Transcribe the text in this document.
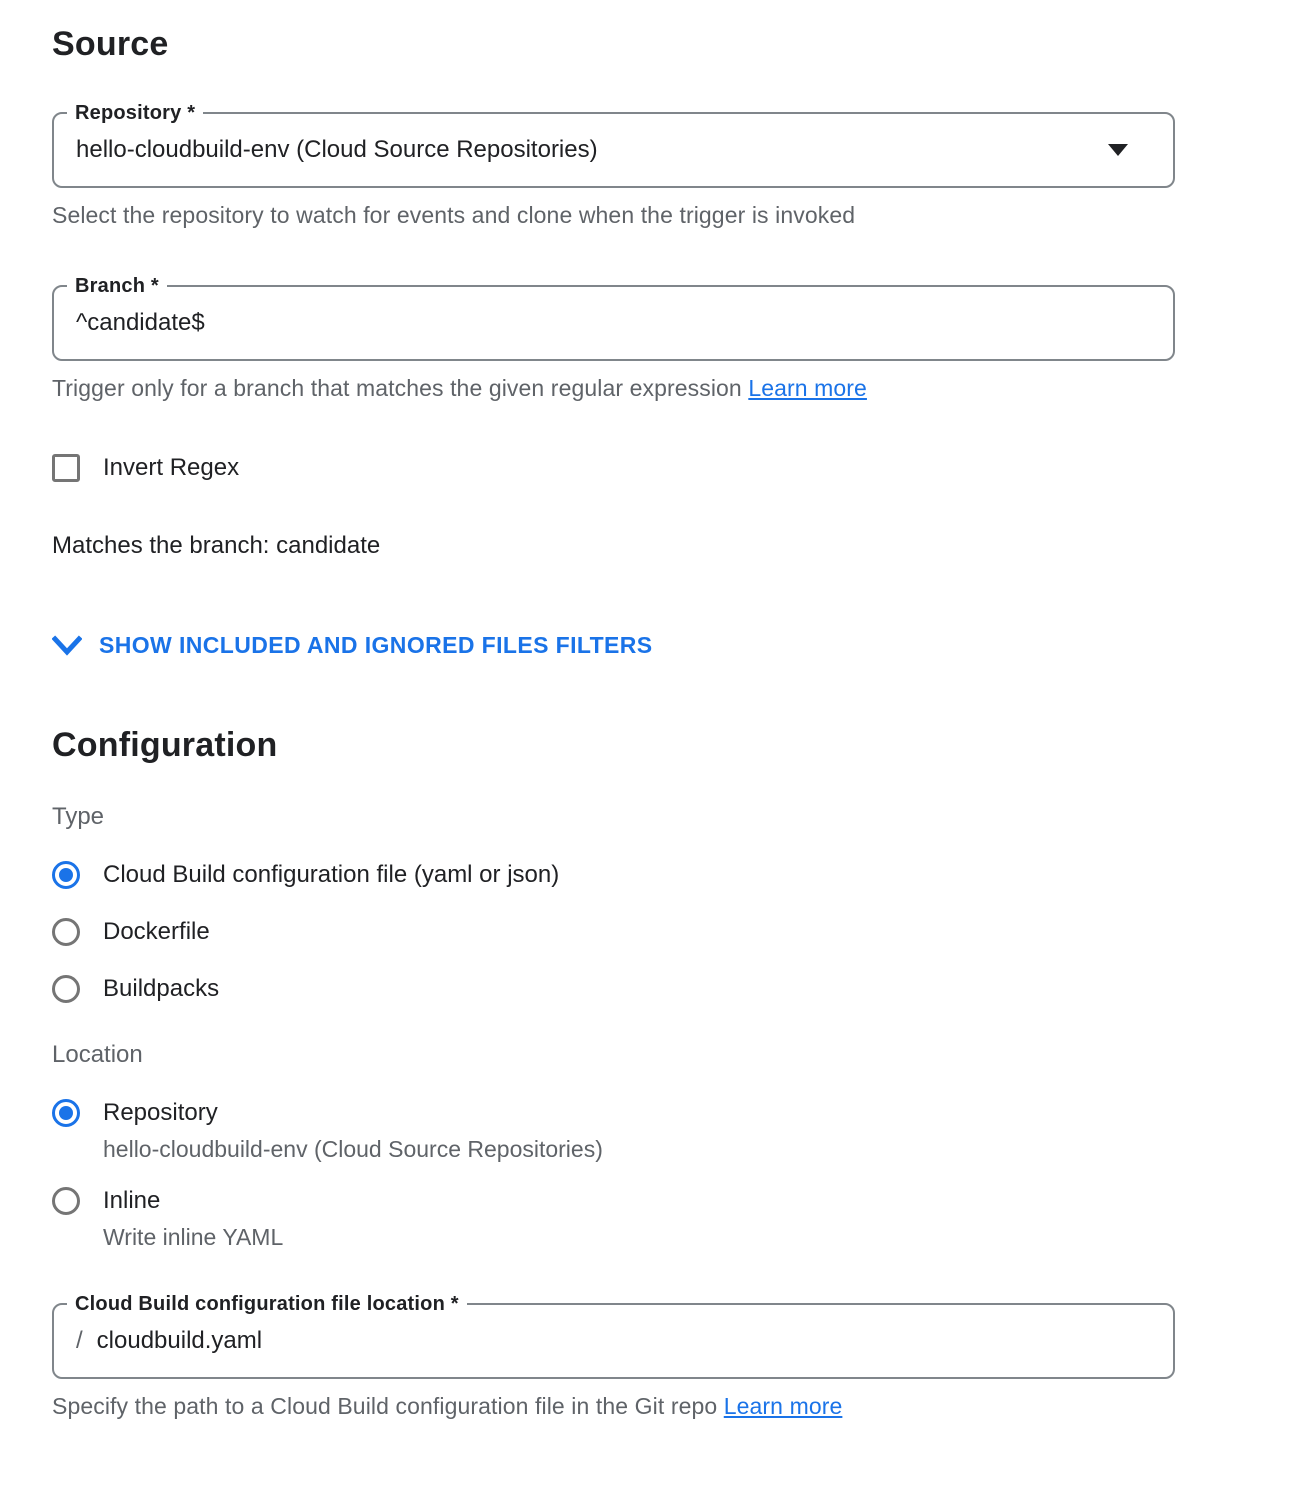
Source
Repository *
hello-cloudbuild-env (Cloud Source Repositories)

Select the repository to watch for events and clone when the trigger is invoked

Branch *
^candidate$

Trigger only for a branch that matches the given regular expression Learn more

Invert Regex

Matches the branch: candidate

SHOW INCLUDED AND IGNORED FILES FILTERS
Configuration

Type

Cloud Build configuration file (yaml or json)
Dockerfile
Buildpacks

Location

Repository

hello-cloudbuild-env (Cloud Source Repositories)

Inline

Write inline YAML

Cloud Build configuration file location *
/
cloudbuild.yaml

Specify the path to a Cloud Build configuration file in the Git repo Learn more
